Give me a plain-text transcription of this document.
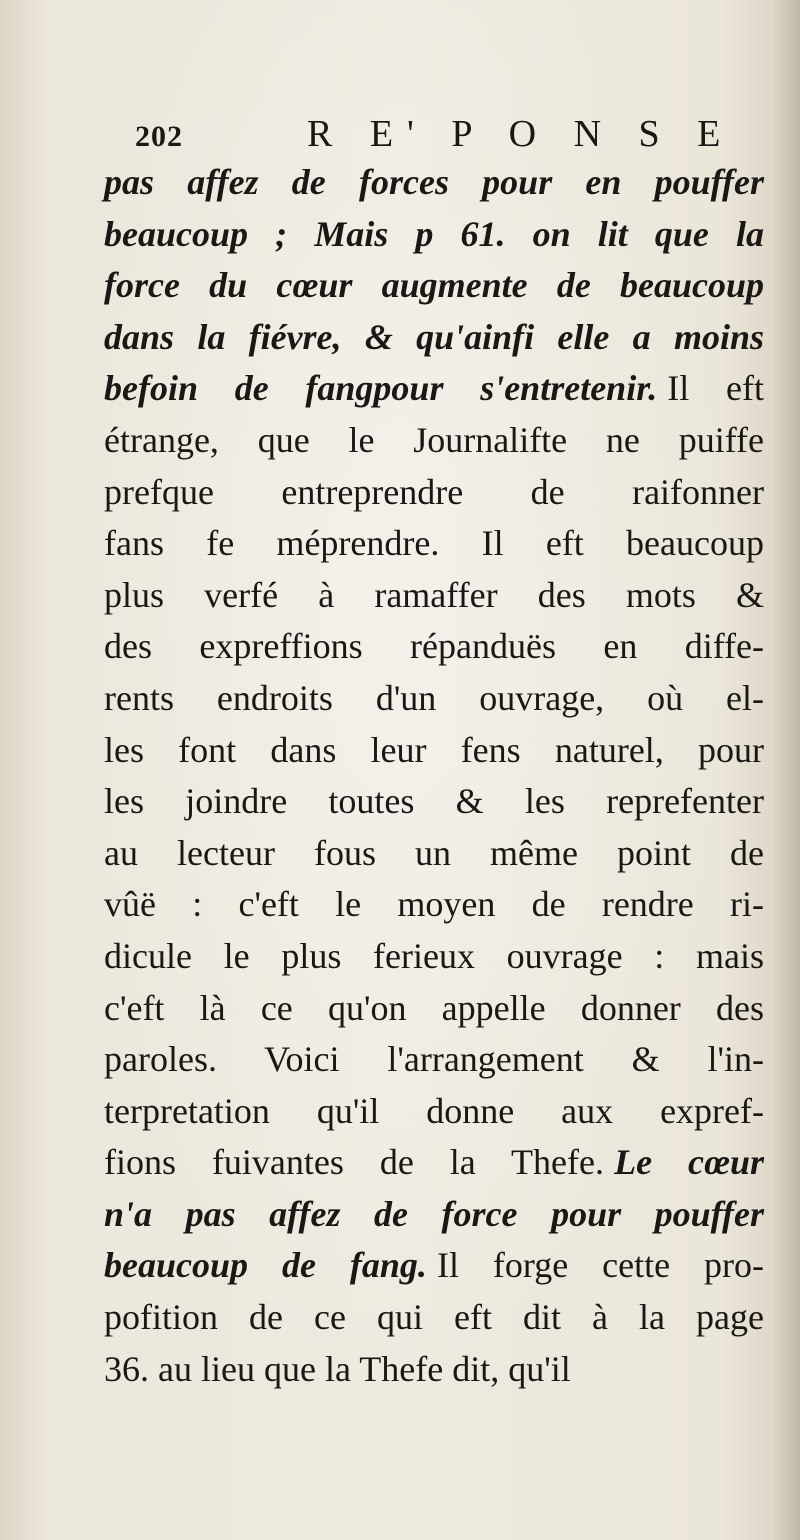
202	R E' P O N S E
pas affez de forces pour en pouffer
beaucoup ; Mais p 61. on lit que la
force du cœur augmente de beaucoup
dans la fiévre, & qu'ainfi elle a moins
befoin de fangpour s'entretenir. Il eft
étrange, que le Journalifte ne puiffe
prefque entreprendre de raifonner
fans fe méprendre. Il eft beaucoup
plus verfé à ramaffer des mots &
des expreffions répanduës en diffe-
rents endroits d'un ouvrage, où el-
les font dans leur fens naturel, pour
les joindre toutes & les reprefenter
au lecteur fous un même point de
vûë : c'eft le moyen de rendre ri-
dicule le plus ferieux ouvrage : mais
c'eft là ce qu'on appelle donner des
paroles. Voici l'arrangement & l'in-
terpretation qu'il donne aux expref-
fions fuivantes de la Thefe. Le cœur
n'a pas affez de force pour pouffer
beaucoup de fang. Il forge cette pro-
pofition de ce qui eft dit à la page
36. au lieu que la Thefe dit, qu'il
